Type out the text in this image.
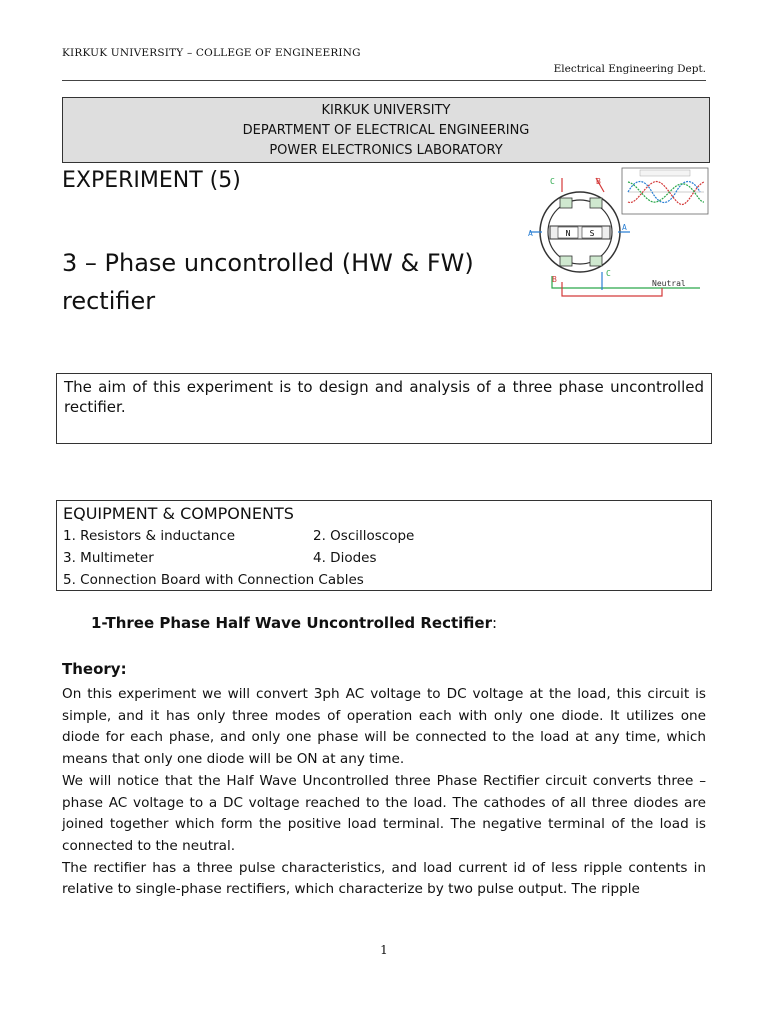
KIRKUK UNIVERSITY – COLLEGE OF ENGINEERING
Electrical Engineering Dept.
KIRKUK UNIVERSITY
DEPARTMENT OF ELECTRICAL ENGINEERING
POWER ELECTRONICS LABORATORY
EXPERIMENT (5)
3 – Phase uncontrolled (HW & FW)
rectifier
N S
A
A
C	B
B
C
Neutral
The aim of this experiment is to design and analysis of a three phase uncontrolled rectifier.
EQUIPMENT & COMPONENTS
1. Resistors & inductance	2. Oscilloscope
3. Multimeter	4. Diodes
5. Connection Board with Connection Cables
1-Three Phase Half Wave Uncontrolled Rectifier:
Theory:

On this experiment we will convert 3ph AC voltage to DC voltage at the load, this circuit is simple, and it has only three modes of operation each with only one diode. It utilizes one diode for each phase, and only one phase will be connected to the load at any time, which means that only one diode will be ON at any time.

We will notice that the Half Wave Uncontrolled three Phase Rectifier circuit converts three – phase AC voltage to a DC voltage reached to the load. The cathodes of all three diodes are joined together which form the positive load terminal. The negative terminal of the load is connected to the neutral.

The rectifier has a three pulse characteristics, and load current id of less ripple contents in relative to single-phase rectifiers, which characterize by two pulse output. The ripple

1
